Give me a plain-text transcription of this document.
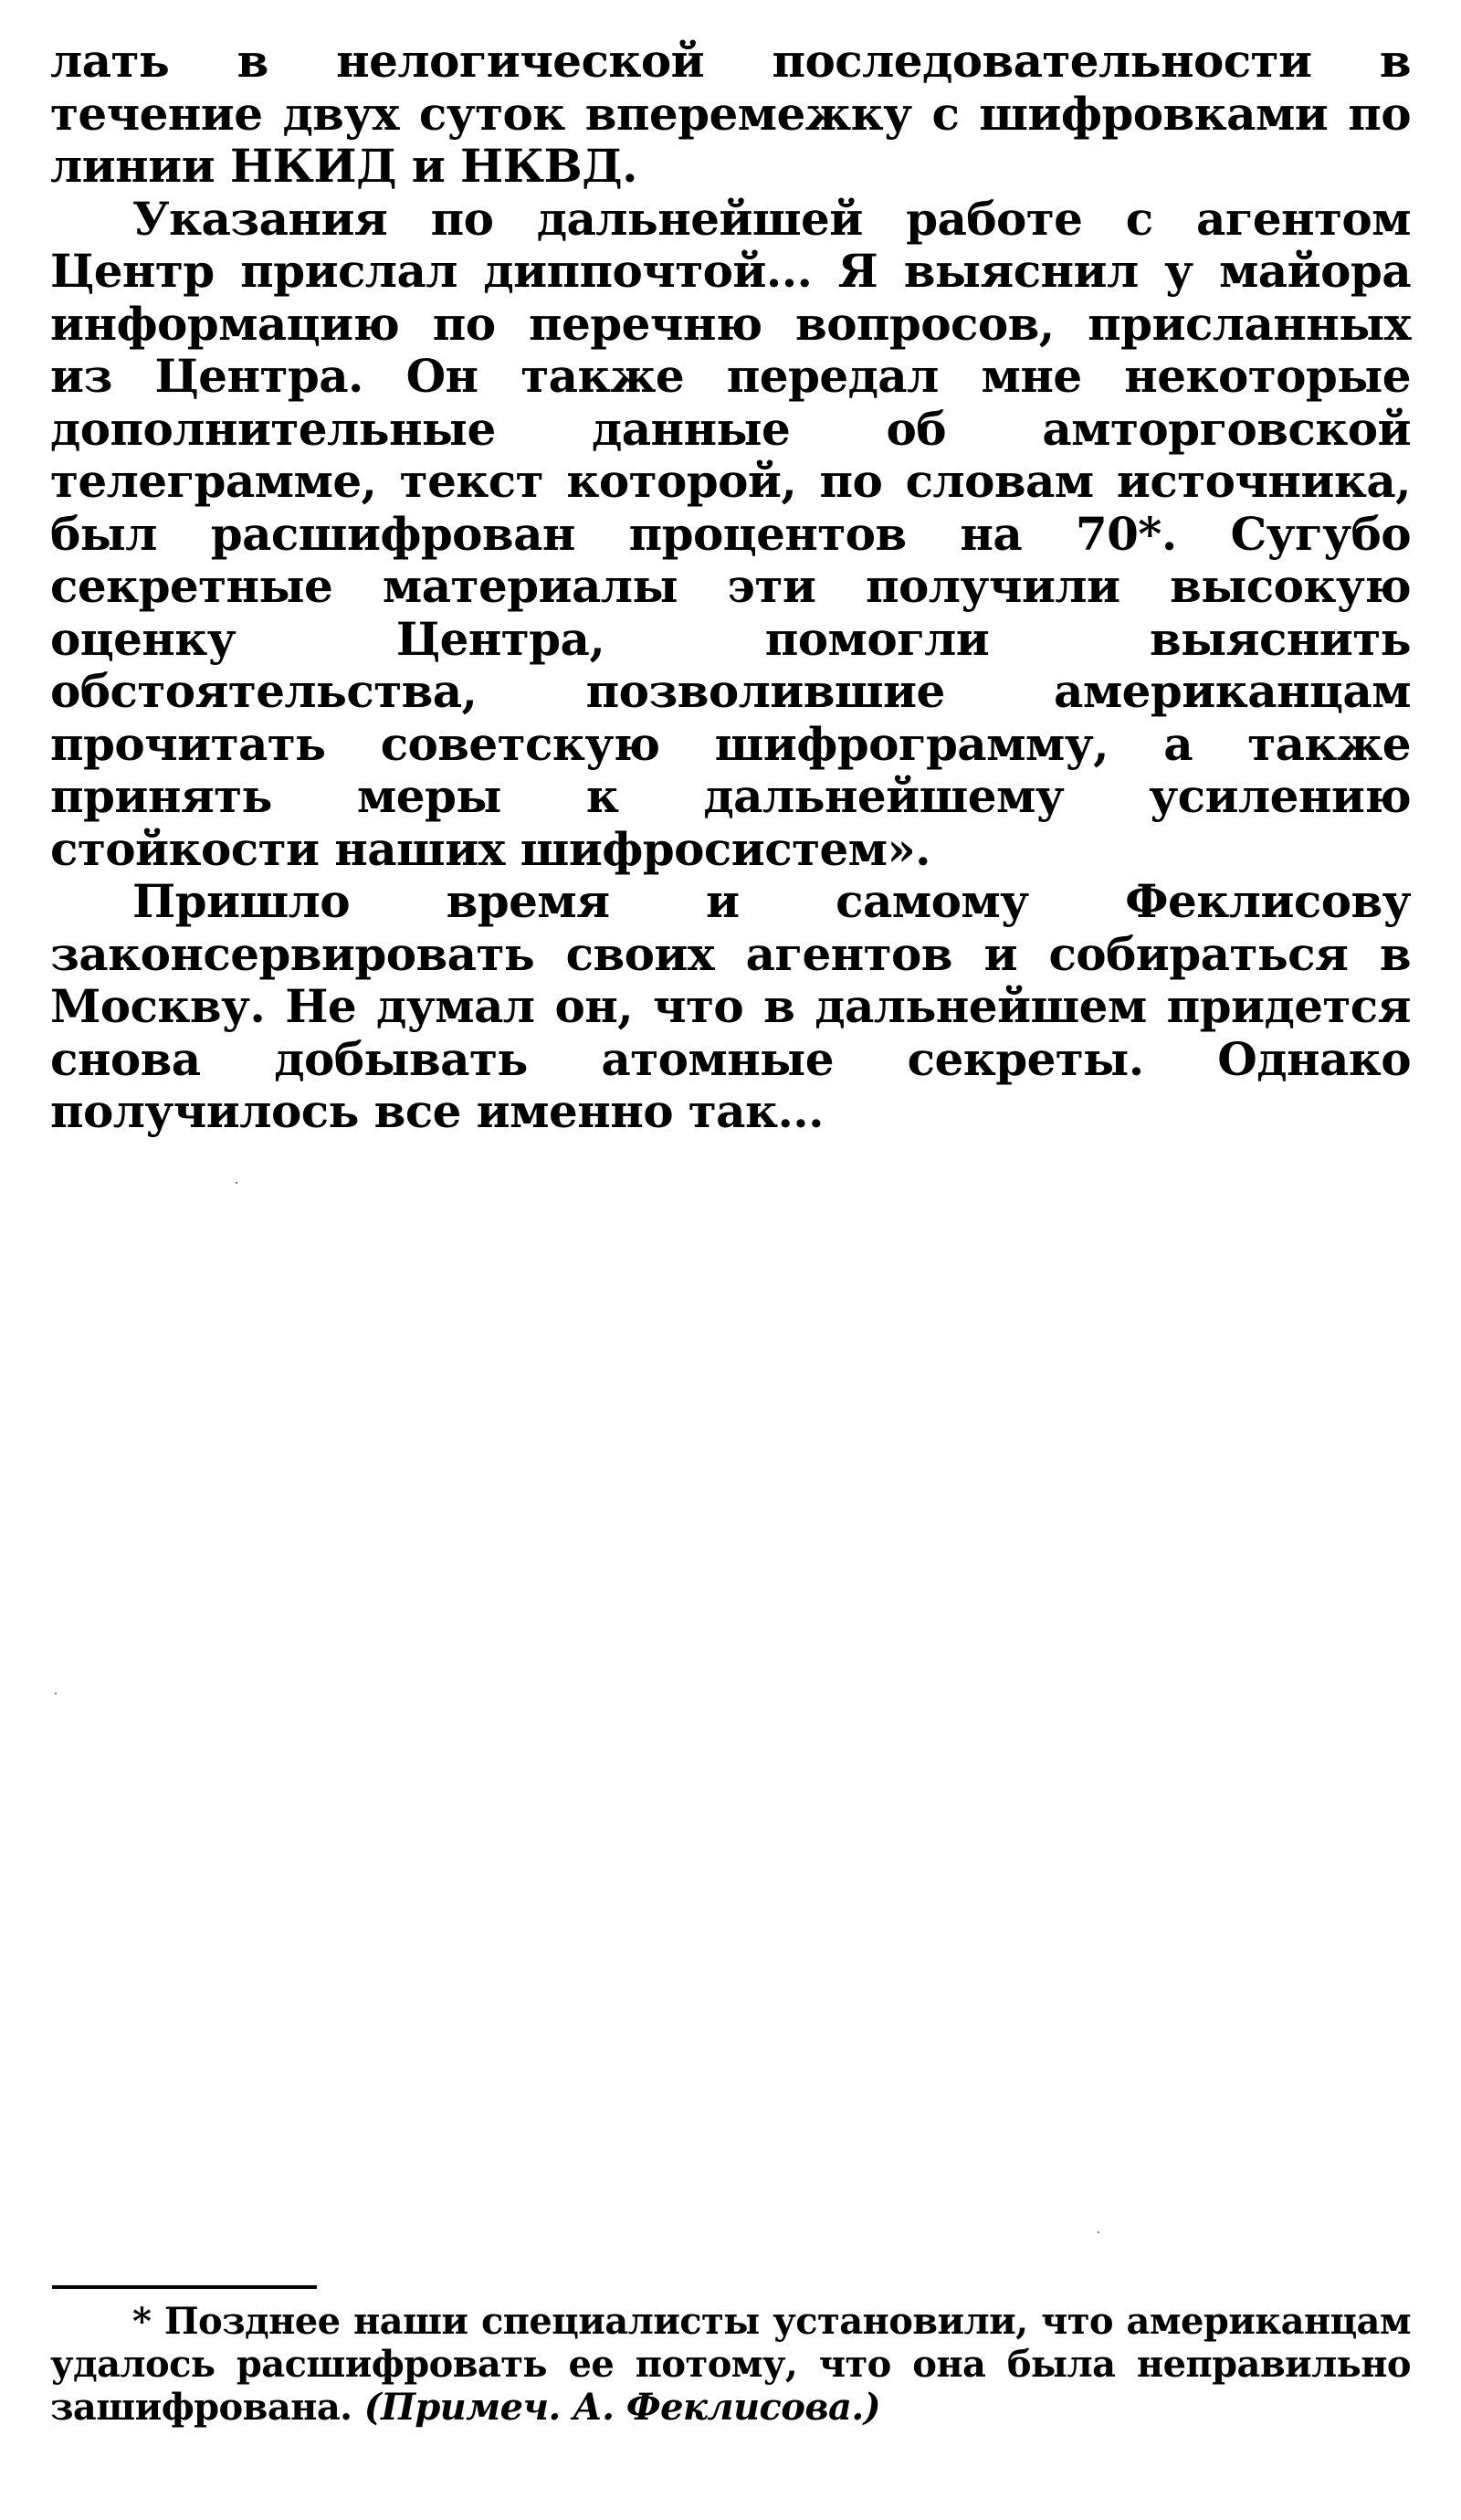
лать в нелогической последовательности в течение двух суток вперемежку с шифровками по линии НКИД и НКВД.

Указания по дальнейшей работе с агентом Центр прислал диппочтой... Я выяснил у майора информацию по перечню вопросов, присланных из Центра. Он также передал мне некоторые дополнительные данные об амторговской телеграмме, текст которой, по словам источника, был расшифрован процентов на 70*. Сугубо секретные материалы эти получили высокую оценку Центра, помогли выяснить обстоятельства, позволившие американцам прочитать советскую шифрограмму, а также принять меры к дальнейшему усилению стойкости наших шифросистем».

Пришло время и самому Феклисову законсервировать своих агентов и собираться в Москву. Не думал он, что в дальнейшем придется снова добывать атомные секреты. Однако получилось все именно так...

* Позднее наши специалисты установили, что американцам удалось расшифровать ее потому, что она была неправильно зашифрована. (Примеч. А. Феклисова.)
